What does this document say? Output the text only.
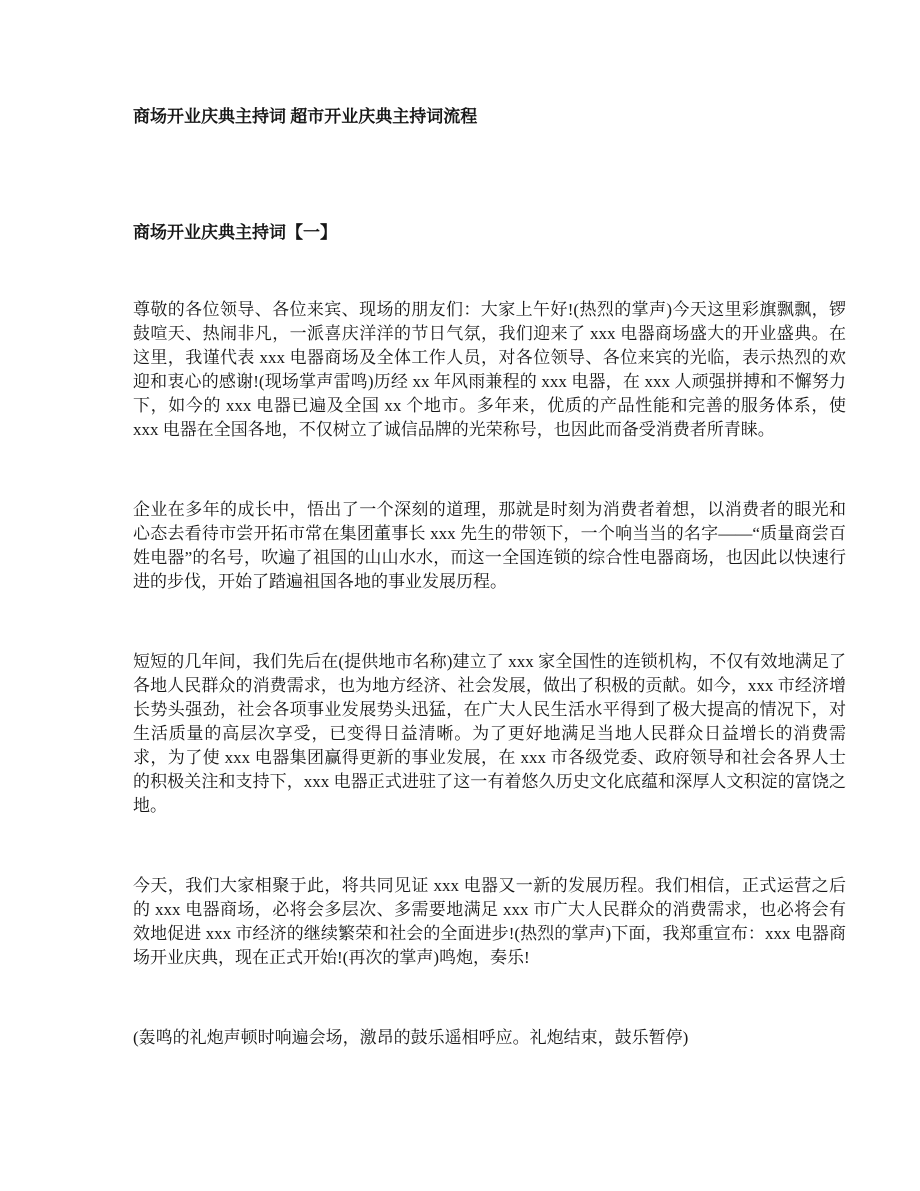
商场开业庆典主持词 超市开业庆典主持词流程
商场开业庆典主持词【一】

尊敬的各位领导、各位来宾、现场的朋友们：大家上午好!(热烈的掌声)今天这里彩旗飘飘，锣鼓喧天、热闹非凡，一派喜庆洋洋的节日气氛，我们迎来了 xxx 电器商场盛大的开业盛典。在这里，我谨代表 xxx 电器商场及全体工作人员，对各位领导、各位来宾的光临，表示热烈的欢迎和衷心的感谢!(现场掌声雷鸣)历经 xx 年风雨兼程的 xxx 电器，在 xxx 人顽强拼搏和不懈努力下，如今的 xxx 电器已遍及全国 xx 个地市。多年来，优质的产品性能和完善的服务体系，使 xxx 电器在全国各地，不仅树立了诚信品牌的光荣称号，也因此而备受消费者所青睐。

企业在多年的成长中，悟出了一个深刻的道理，那就是时刻为消费者着想，以消费者的眼光和心态去看待市尝开拓市常在集团董事长 xxx 先生的带领下，一个响当当的名字——“质量商尝百姓电器”的名号，吹遍了祖国的山山水水，而这一全国连锁的综合性电器商场，也因此以快速行进的步伐，开始了踏遍祖国各地的事业发展历程。

短短的几年间，我们先后在(提供地市名称)建立了 xxx 家全国性的连锁机构，不仅有效地满足了各地人民群众的消费需求，也为地方经济、社会发展，做出了积极的贡献。如今，xxx 市经济增长势头强劲，社会各项事业发展势头迅猛，在广大人民生活水平得到了极大提高的情况下，对生活质量的高层次享受，已变得日益清晰。为了更好地满足当地人民群众日益增长的消费需求，为了使 xxx 电器集团赢得更新的事业发展，在 xxx 市各级党委、政府领导和社会各界人士的积极关注和支持下，xxx 电器正式进驻了这一有着悠久历史文化底蕴和深厚人文积淀的富饶之地。

今天，我们大家相聚于此，将共同见证 xxx 电器又一新的发展历程。我们相信，正式运营之后的 xxx 电器商场，必将会多层次、多需要地满足 xxx 市广大人民群众的消费需求，也必将会有效地促进 xxx 市经济的继续繁荣和社会的全面进步!(热烈的掌声)下面，我郑重宣布：xxx 电器商场开业庆典，现在正式开始!(再次的掌声)鸣炮，奏乐!

(轰鸣的礼炮声顿时响遍会场，激昂的鼓乐遥相呼应。礼炮结束，鼓乐暂停)
